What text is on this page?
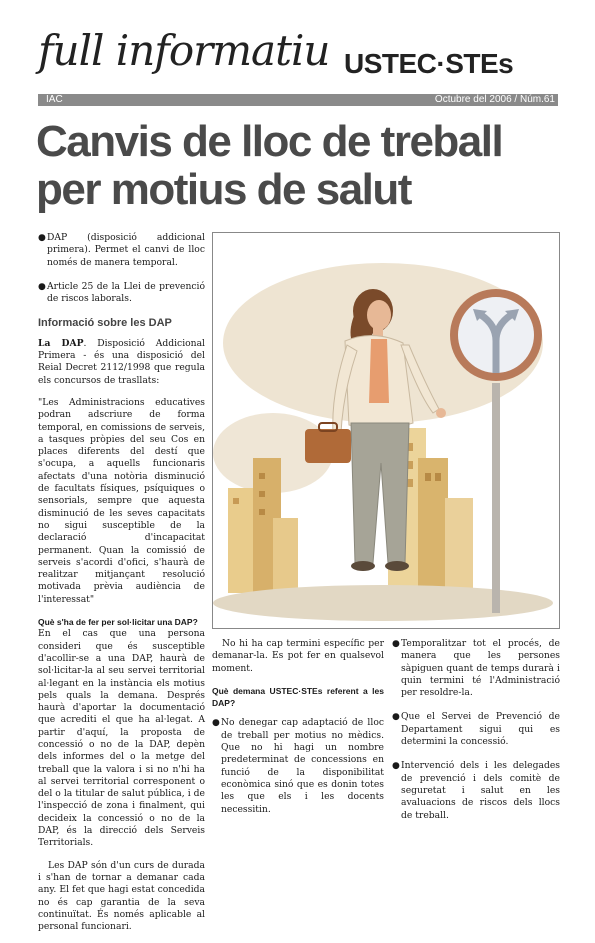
full informatiu USTEC·STEs
IAC	Octubre del 2006 / Núm.61
Canvis de lloc de treball
per motius de salut
● DAP (disposició addicional primera). Permet el canvi de lloc només de manera temporal.
● Article 25 de la Llei de prevenció de riscos laborals.
Informació sobre les DAP

La DAP. Disposició Addicional Primera - és una disposició del Reial Decret 2112/1998 que regula els concursos de trasllats:

"Les Administracions educatives podran adscriure de forma temporal, en comissions de serveis, a tasques pròpies del seu Cos en places diferents del destí que s'ocupa, a aquells funcionaris afectats d'una notòria disminució de facultats físiques, psíquiques o sensorials, sempre que aquesta disminució de les seves capacitats no sigui susceptible de la declaració d'incapacitat permanent. Quan la comissió de serveis s'acordi d'ofici, s'haurà de realitzar mitjançant resolució motivada prèvia audiència de l'interessat"

Què s'ha de fer per sol·licitar una DAP?

En el cas que una persona consideri que és susceptible d'acollir-se a una DAP, haurà de sol·licitar-la al seu servei territorial al·legant en la instància els motius pels quals la demana. Després haurà d'aportar la documentació que acrediti el que ha al·legat. A partir d'aquí, la proposta de concessió o no de la DAP, depèn dels informes del o la metge del treball que la valora i si no n'hi ha al servei territorial corresponent o del o la titular de salut pública, i de l'inspecció de zona i finalment, qui decideix la concessió o no de la DAP, és la direcció dels Serveis Territorials.

Les DAP són d'un curs de durada i s'han de tornar a demanar cada any. El fet que hagi estat concedida no és cap garantia de la seva continuïtat. És només aplicable al personal funcionari.

No hi ha cap termini específic per demanar-la. Es pot fer en qualsevol moment.

Què demana USTEC·STEs referent a les DAP?
● No denegar cap adaptació de lloc de treball per motius no mèdics. Que no hi hagi un nombre predeterminat de concessions en funció de la disponibilitat econòmica sinó que es donin totes les que els i les docents necessitin.
● Temporalitzar tot el procés, de manera que les persones sàpiguen quant de temps durarà i quin termini té l'Administració per resoldre-la.
● Que el Servei de Prevenció de Departament sigui qui es determini la concessió.
● Intervenció dels i les delegades de prevenció i dels comitè de seguretat i salut en les avaluacions de riscos dels llocs de treball.
